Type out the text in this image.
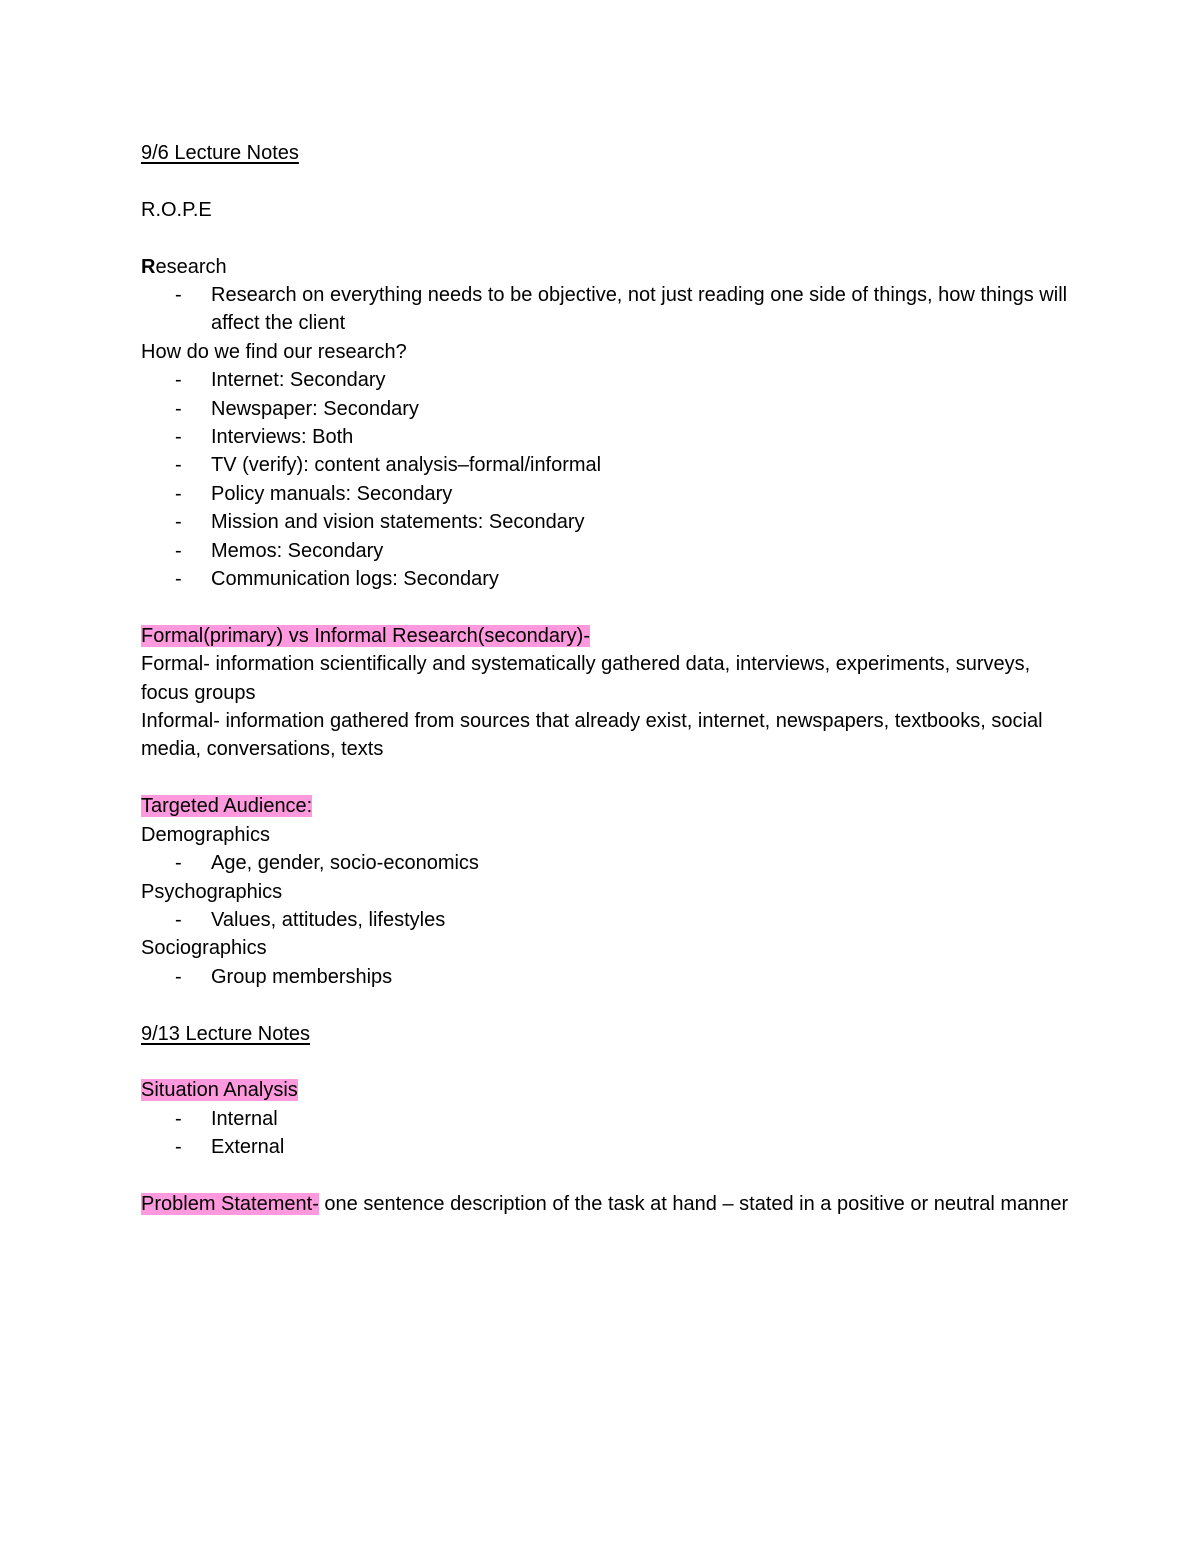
9/6 Lecture Notes

R.O.P.E

Research

- Research on everything needs to be objective, not just reading one side of things, how things will affect the client

How do we find our research?

- Internet: Secondary
- Newspaper: Secondary
- Interviews: Both
- TV (verify): content analysis–formal/informal
- Policy manuals: Secondary
- Mission and vision statements: Secondary
- Memos: Secondary
- Communication logs: Secondary

Formal(primary) vs Informal Research(secondary)-

Formal- information scientifically and systematically gathered data, interviews, experiments, surveys, focus groups

Informal- information gathered from sources that already exist, internet, newspapers, textbooks, social media, conversations, texts

Targeted Audience:

Demographics

- Age, gender, socio-economics

Psychographics

- Values, attitudes, lifestyles

Sociographics

- Group memberships

9/13 Lecture Notes

Situation Analysis

- Internal
- External

Problem Statement- one sentence description of the task at hand – stated in a positive or neutral manner
